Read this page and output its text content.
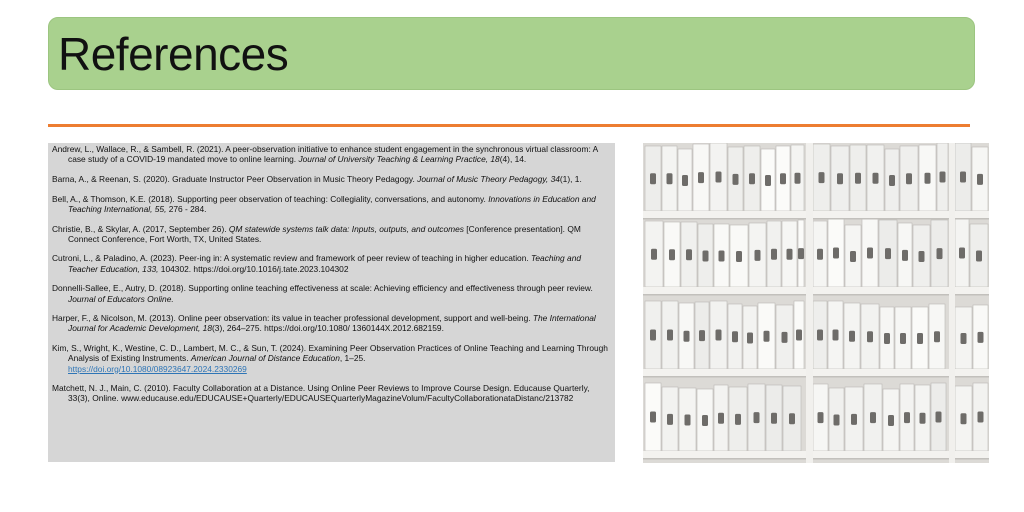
References

Andrew, L., Wallace, R., & Sambell, R. (2021). A peer-observation initiative to enhance student engagement in the synchronous virtual classroom: A case study of a COVID-19 mandated move to online learning. Journal of University Teaching & Learning Practice, 18(4), 14.

Barna, A., & Reenan, S. (2020). Graduate Instructor Peer Observation in Music Theory Pedagogy. Journal of Music Theory Pedagogy, 34(1), 1.

Bell, A., & Thomson, K.E. (2018). Supporting peer observation of teaching: Collegiality, conversations, and autonomy. Innovations in Education and Teaching International, 55, 276 - 284.

Christie, B., & Skylar, A. (2017, September 26). QM statewide systems talk data: Inputs, outputs, and outcomes [Conference presentation]. QM Connect Conference, Fort Worth, TX, United States.

Cutroni, L., & Paladino, A. (2023). Peer-ing in: A systematic review and framework of peer review of teaching in higher education. Teaching and Teacher Education, 133, 104302. https://doi.org/10.1016/j.tate.2023.104302

Donnelli-Sallee, E., Autry, D. (2018). Supporting online teaching effectiveness at scale: Achieving efficiency and effectiveness through peer review. Journal of Educators Online.

Harper, F., & Nicolson, M. (2013). Online peer observation: its value in teacher professional development, support and well-being. The International Journal for Academic Development, 18(3), 264–275. https://doi.org/10.1080/ 1360144X.2012.682159.

Kim, S., Wright, K., Westine, C. D., Lambert, M. C., & Sun, T. (2024). Examining Peer Observation Practices of Online Teaching and Learning Through Analysis of Existing Instruments. American Journal of Distance Education, 1–25.
https://doi.org/10.1080/08923647.2024.2330269

Matchett, N. J., Main, C. (2010). Faculty Collaboration at a Distance. Using Online Peer Reviews to Improve Course Design. Educause Quarterly, 33(3), Online. www.educause.edu/EDUCAUSE+Quarterly/EDUCAUSEQuarterlyMagazineVolum/FacultyCollaborationataDistanc/213782
